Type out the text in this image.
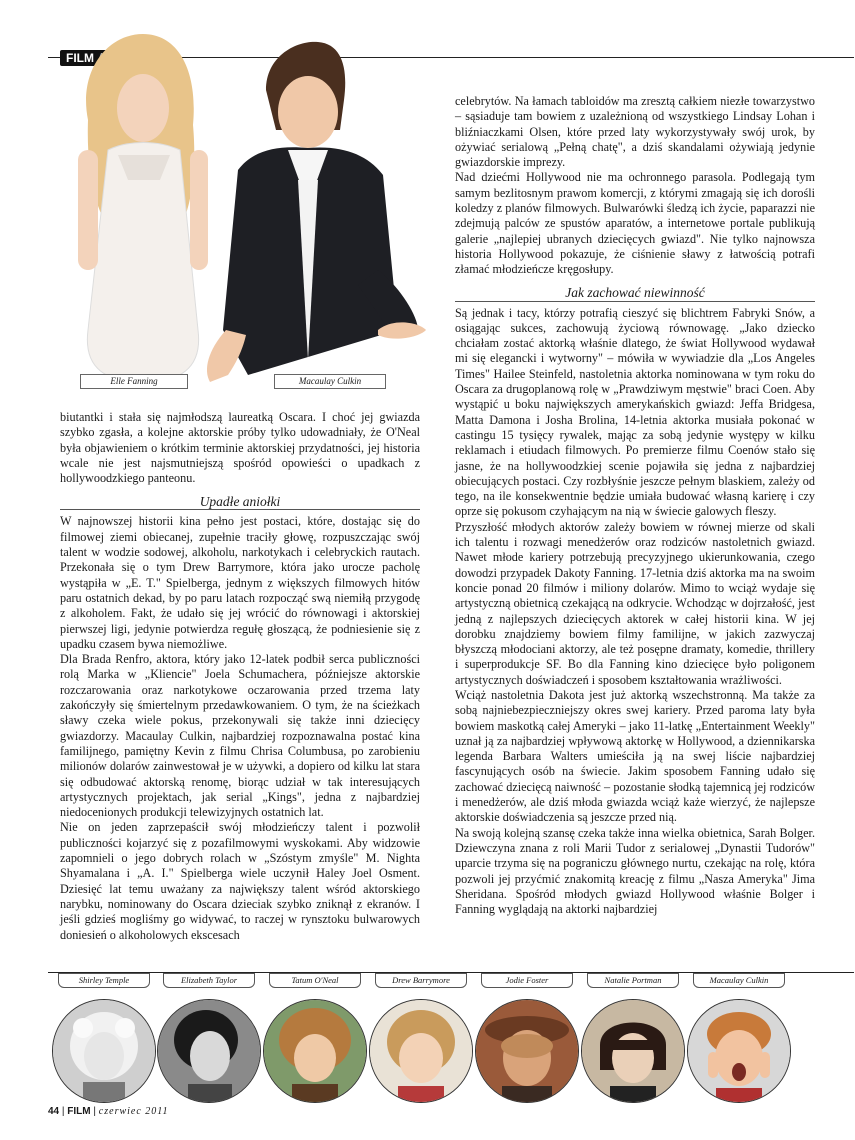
FILM
Elle Fanning	Macaulay Culkin

biutantki i stała się najmłodszą laureatką Oscara. I choć jej gwiazda szybko zgasła, a kolejne aktorskie próby tylko udowadniały, że O'Neal była objawieniem o krótkim terminie aktorskiej przydatności, jej historia wcale nie jest najsmutniejszą spośród opowieści o upadkach z hollywoodzkiego panteonu.

Upadłe aniołki

W najnowszej historii kina pełno jest postaci, które, dostając się do filmowej ziemi obiecanej, zupełnie traciły głowę, rozpuszczając swój talent w wodzie sodowej, alkoholu, narkotykach i celebryckich rautach. Przekonała się o tym Drew Barrymore, która jako urocze pacholę wystąpiła w „E. T." Spielberga, jednym z większych filmowych hitów paru ostatnich dekad, by po paru latach rozpocząć swą niemiłą przygodę z alkoholem. Fakt, że udało się jej wrócić do równowagi i aktorskiej pierwszej ligi, jedynie potwierdza regułę głoszącą, że podniesienie się z upadku czasem bywa niemożliwe.

Dla Brada Renfro, aktora, który jako 12-latek podbił serca publiczności rolą Marka w „Kliencie" Joela Schumachera, późniejsze aktorskie rozczarowania oraz narkotykowe oczarowania przed trzema laty zakończyły się śmiertelnym przedawkowaniem. O tym, że na ścieżkach sławy czeka wiele pokus, przekonywali się także inni dziecięcy gwiazdorzy. Macaulay Culkin, najbardziej rozpoznawalna postać kina familijnego, pamiętny Kevin z filmu Chrisa Columbusa, po zarobieniu milionów dolarów zainwestował je w używki, a dopiero od kilku lat stara się odbudować aktorską renomę, biorąc udział w tak interesujących artystycznych projektach, jak serial „Kings", jedna z najbardziej niedocenionych produkcji telewizyjnych ostatnich lat.

Nie on jeden zaprzepaścił swój młodzieńczy talent i pozwolił publiczności kojarzyć się z pozafilmowymi wyskokami. Aby widzowie zapomnieli o jego dobrych rolach w „Szóstym zmyśle" M. Nighta Shyamalana i „A. I." Spielberga wiele uczynił Haley Joel Osment. Dziesięć lat temu uważany za największy talent wśród aktorskiego narybku, nominowany do Oscara dzieciak szybko zniknął z ekranów. I jeśli gdzieś mogliśmy go widywać, to raczej w rynsztoku bulwarowych doniesień o alkoholowych ekscesach

celebrytów. Na łamach tabloidów ma zresztą całkiem niezłe towarzystwo – sąsiaduje tam bowiem z uzależnioną od wszystkiego Lindsay Lohan i bliźniaczkami Olsen, które przed laty wykorzystywały swój urok, by ożywiać serialową „Pełną chatę", a dziś skandalami ożywiają jedynie gwiazdorskie imprezy.

Nad dziećmi Hollywood nie ma ochronnego parasola. Podlegają tym samym bezlitosnym prawom komercji, z którymi zmagają się ich dorośli koledzy z planów filmowych. Bulwarówki śledzą ich życie, paparazzi nie zdejmują palców ze spustów aparatów, a internetowe portale publikują galerie „najlepiej ubranych dziecięcych gwiazd". Nie tylko najnowsza historia Hollywood pokazuje, że ciśnienie sławy z łatwością potrafi złamać młodzieńcze kręgosłupy.

Jak zachować niewinność

Są jednak i tacy, którzy potrafią cieszyć się blichtrem Fabryki Snów, a osiągając sukces, zachowują życiową równowagę. „Jako dziecko chciałam zostać aktorką właśnie dlatego, że świat Hollywood wydawał mi się elegancki i wytworny" – mówiła w wywiadzie dla „Los Angeles Times" Hailee Steinfeld, nastoletnia aktorka nominowana w tym roku do Oscara za drugoplanową rolę w „Prawdziwym męstwie" braci Coen. Aby wystąpić u boku największych amerykańskich gwiazd: Jeffa Bridgesa, Matta Damona i Josha Brolina, 14-letnia aktorka musiała pokonać w castingu 15 tysięcy rywalek, mając za sobą jedynie występy w kilku reklamach i etiudach filmowych. Po premierze filmu Coenów stało się jasne, że na hollywoodzkiej scenie pojawiła się jedna z najbardziej obiecujących postaci. Czy rozbłyśnie jeszcze pełnym blaskiem, zależy od tego, na ile konsekwentnie będzie umiała budować własną karierę i czy oprze się pokusom czyhającym na nią w świecie galowych fleszy.

Przyszłość młodych aktorów zależy bowiem w równej mierze od skali ich talentu i rozwagi menedżerów oraz rodziców nastoletnich gwiazd. Nawet młode kariery potrzebują precyzyjnego ukierunkowania, czego dowodzi przypadek Dakoty Fanning. 17-letnia dziś aktorka ma na swoim koncie ponad 20 filmów i miliony dolarów. Mimo to wciąż wydaje się artystyczną obietnicą czekającą na odkrycie. Wchodząc w dojrzałość, jest jedną z najlepszych dziecięcych aktorek w całej historii kina. W jej dorobku znajdziemy bowiem filmy familijne, w jakich zazwyczaj błyszczą młodociani aktorzy, ale też posępne dramaty, komedie, thrillery i superprodukcje SF. Bo dla Fanning kino dziecięce było poligonem artystycznych doświadczeń i sposobem kształtowania wrażliwości.

Wciąż nastoletnia Dakota jest już aktorką wszechstronną. Ma także za sobą najniebezpieczniejszy okres swej kariery. Przed paroma laty była bowiem maskotką całej Ameryki – jako 11-latkę „Entertainment Weekly" uznał ją za najbardziej wpływową aktorkę w Hollywood, a dziennikarska legenda Barbara Walters umieściła ją na swej liście najbardziej fascynujących osób na świecie. Jakim sposobem Fanning udało się zachować dziecięcą naiwność – pozostanie słodką tajemnicą jej rodziców i menedżerów, ale dziś młoda gwiazda wciąż każe wierzyć, że najlepsze aktorskie doświadczenia są jeszcze przed nią.

Na swoją kolejną szansę czeka także inna wielka obietnica, Sarah Bolger. Dziewczyna znana z roli Marii Tudor z serialowej „Dynastii Tudorów" uparcie trzyma się na pograniczu głównego nurtu, czekając na rolę, która pozwoli jej przyćmić znakomitą kreację z filmu „Nasza Ameryka" Jima Sheridana. Spośród młodych gwiazd Hollywood właśnie Bolger i Fanning wyglądają na aktorki najbardziej

Shirley Temple	Elizabeth Taylor	Tatum O'Neal	Drew Barrymore	Jodie Foster	Natalie Portman	Macaulay Culkin
44 | FILM | czerwiec 2011
